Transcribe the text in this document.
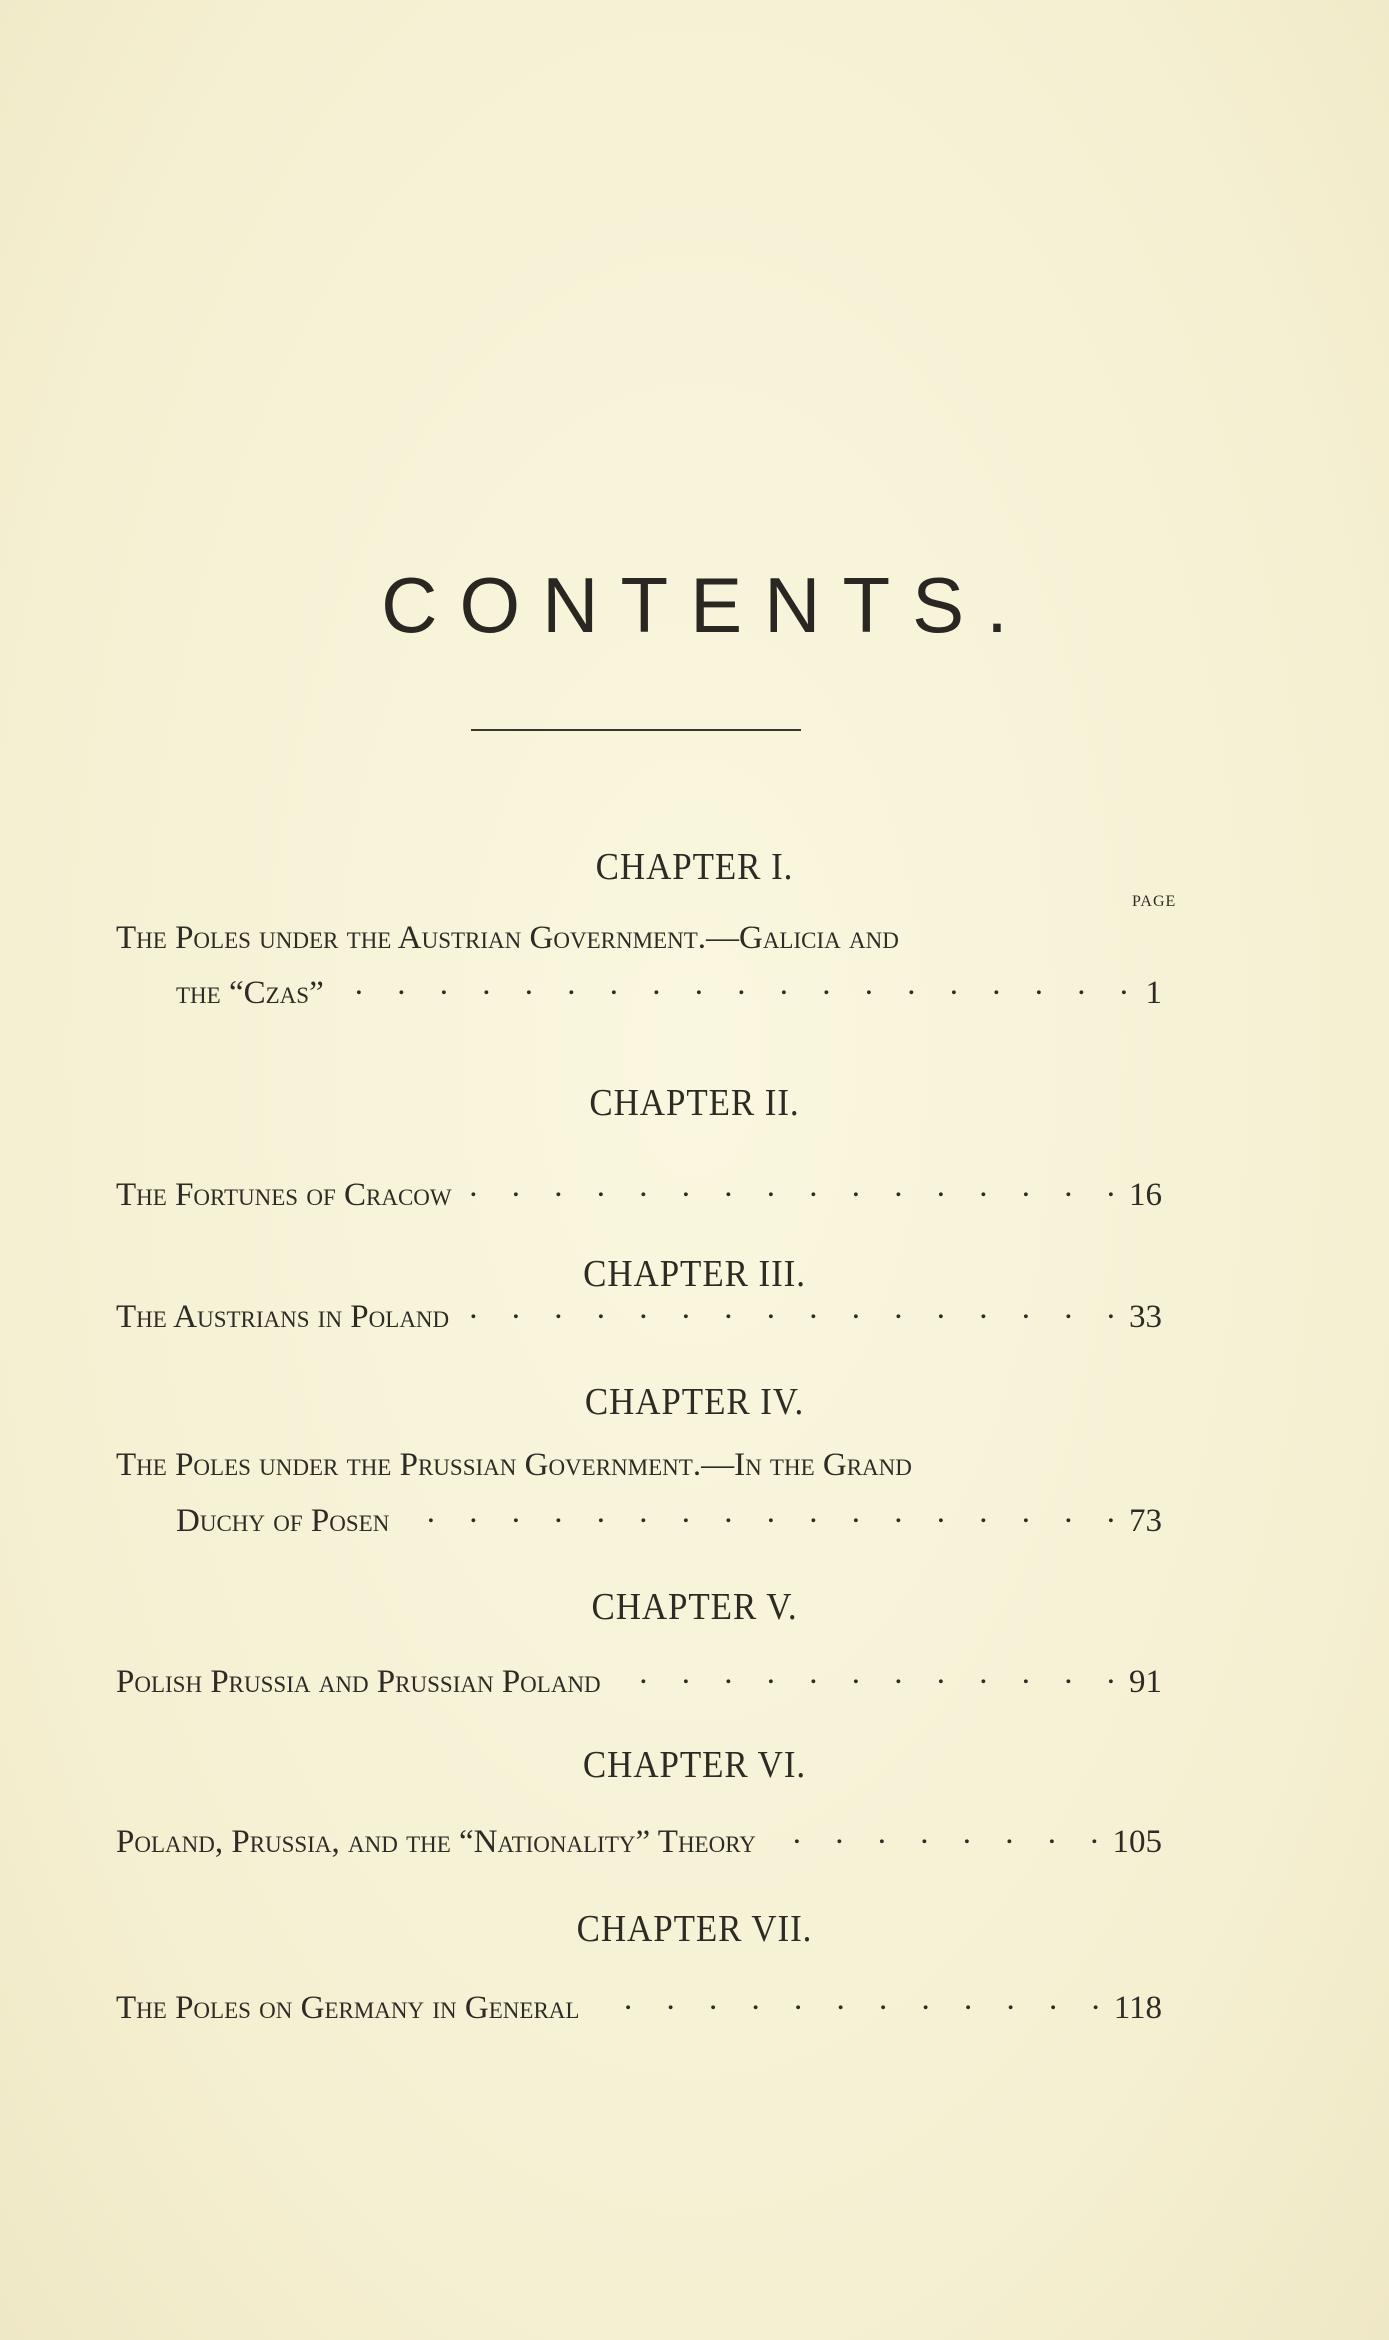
CONTENTS.
PAGE
CHAPTER I.
The Poles under the Austrian Government.—Galicia and
the “Czas” . . .	1
CHAPTER II.
The Fortunes of Cracow . . .	16
CHAPTER III.
The Austrians in Poland . . .	33
CHAPTER IV.
The Poles under the Prussian Government.—In the Grand
Duchy of Posen . . .	73
CHAPTER V.
Polish Prussia and Prussian Poland . . .	91
CHAPTER VI.
Poland, Prussia, and the “Nationality” Theory . . .	105
CHAPTER VII.
The Poles on Germany in General . . .	118
